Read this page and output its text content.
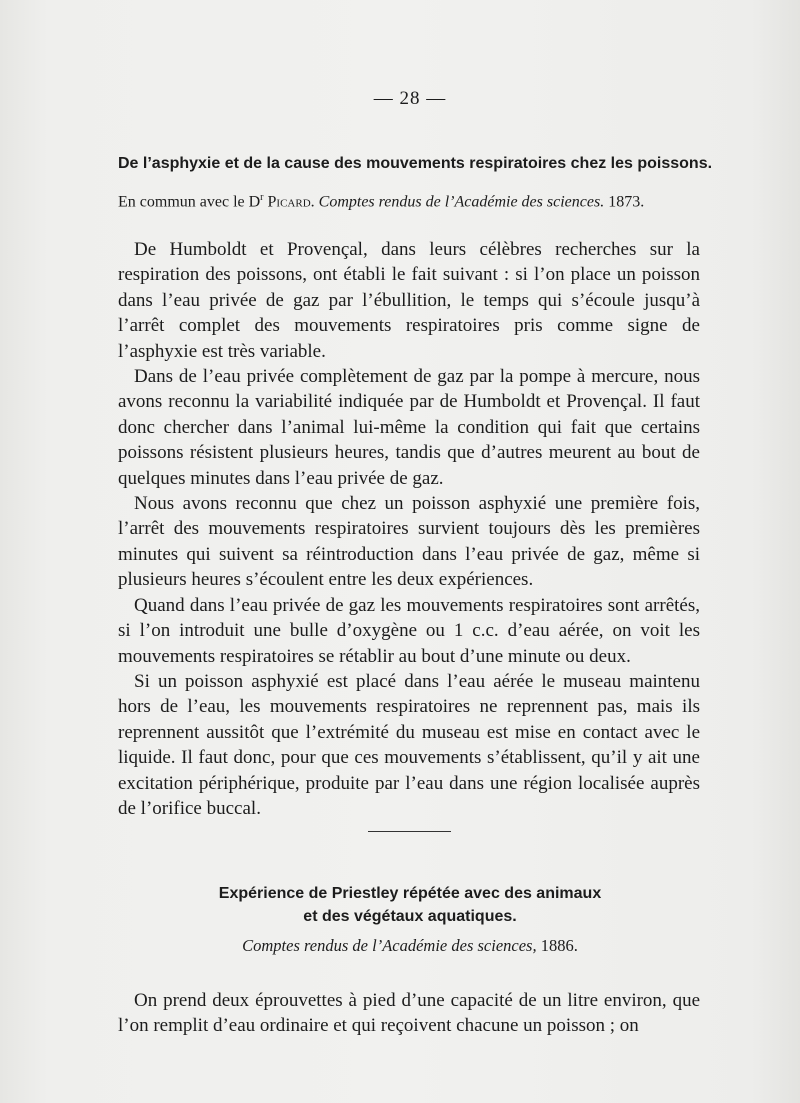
— 28 —
De l’asphyxie et de la cause des mouvements respiratoires chez les poissons.
En commun avec le $D^r$ Picard. Comptes rendus de l’Académie des sciences. 1873.

De Humboldt et Provençal, dans leurs célèbres recherches sur la respiration des poissons, ont établi le fait suivant : si l’on place un poisson dans l’eau privée de gaz par l’ébullition, le temps qui s’écoule jusqu’à l’arrêt complet des mouvements respiratoires pris comme signe de l’asphyxie est très variable.

Dans de l’eau privée complètement de gaz par la pompe à mercure, nous avons reconnu la variabilité indiquée par de Humboldt et Provençal. Il faut donc chercher dans l’animal lui-même la condition qui fait que certains poissons résistent plusieurs heures, tandis que d’autres meurent au bout de quelques minutes dans l’eau privée de gaz.

Nous avons reconnu que chez un poisson asphyxié une première fois, l’arrêt des mouvements respiratoires survient toujours dès les premières minutes qui suivent sa réintroduction dans l’eau privée de gaz, même si plusieurs heures s’écoulent entre les deux expériences.

Quand dans l’eau privée de gaz les mouvements respiratoires sont arrêtés, si l’on introduit une bulle d’oxygène ou 1 c.c. d’eau aérée, on voit les mouvements respiratoires se rétablir au bout d’une minute ou deux.

Si un poisson asphyxié est placé dans l’eau aérée le museau maintenu hors de l’eau, les mouvements respiratoires ne reprennent pas, mais ils reprennent aussitôt que l’extrémité du museau est mise en contact avec le liquide. Il faut donc, pour que ces mouvements s’établissent, qu’il y ait une excitation périphérique, produite par l’eau dans une région localisée auprès de l’orifice buccal.

Expérience de Priestley répétée avec des animaux
et des végétaux aquatiques.
Comptes rendus de l’Académie des sciences, 1886.

On prend deux éprouvettes à pied d’une capacité de un litre environ, que l’on remplit d’eau ordinaire et qui reçoivent chacune un poisson ; on
